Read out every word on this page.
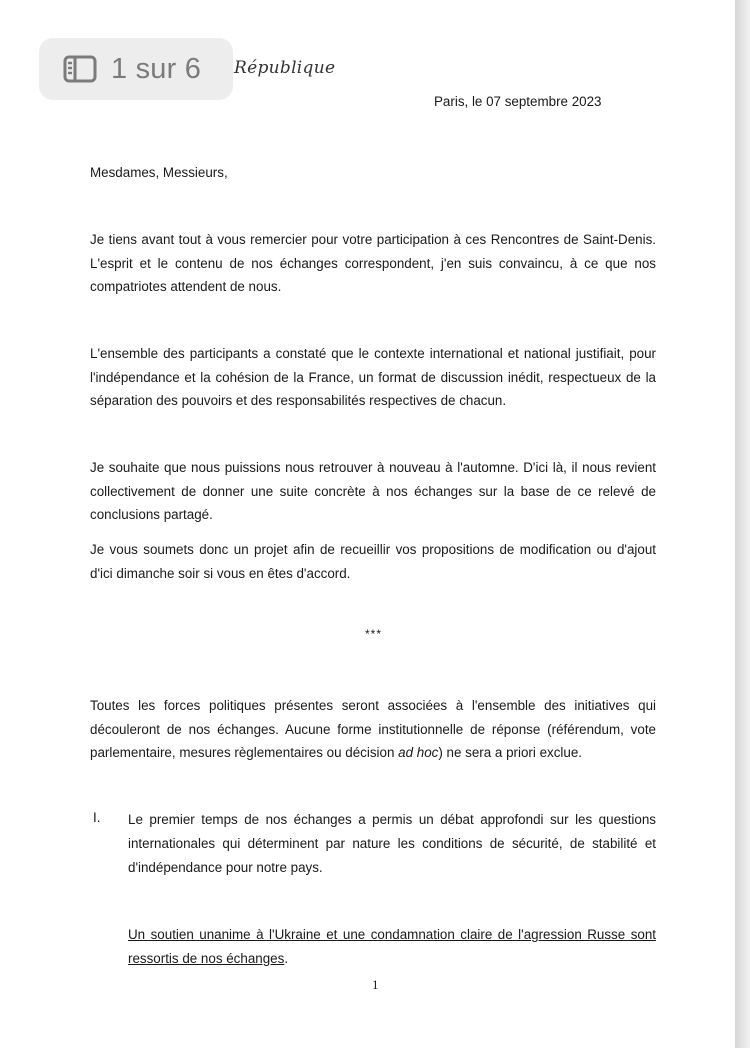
République
Paris, le 07 septembre 2023
Mesdames, Messieurs,
Je tiens avant tout à vous remercier pour votre participation à ces Rencontres de Saint-Denis. L'esprit et le contenu de nos échanges correspondent, j'en suis convaincu, à ce que nos compatriotes attendent de nous.
L'ensemble des participants a constaté que le contexte international et national justifiait, pour l'indépendance et la cohésion de la France, un format de discussion inédit, respectueux de la séparation des pouvoirs et des responsabilités respectives de chacun.
Je souhaite que nous puissions nous retrouver à nouveau à l'automne. D'ici là, il nous revient collectivement de donner une suite concrète à nos échanges sur la base de ce relevé de conclusions partagé.
Je vous soumets donc un projet afin de recueillir vos propositions de modification ou d'ajout d'ici dimanche soir si vous en êtes d'accord.
***
Toutes les forces politiques présentes seront associées à l'ensemble des initiatives qui découleront de nos échanges. Aucune forme institutionnelle de réponse (référendum, vote parlementaire, mesures règlementaires ou décision ad hoc) ne sera a priori exclue.
I. Le premier temps de nos échanges a permis un débat approfondi sur les questions internationales qui déterminent par nature les conditions de sécurité, de stabilité et d'indépendance pour notre pays.
Un soutien unanime à l'Ukraine et une condamnation claire de l'agression Russe sont ressortis de nos échanges.
1
1 sur 6
